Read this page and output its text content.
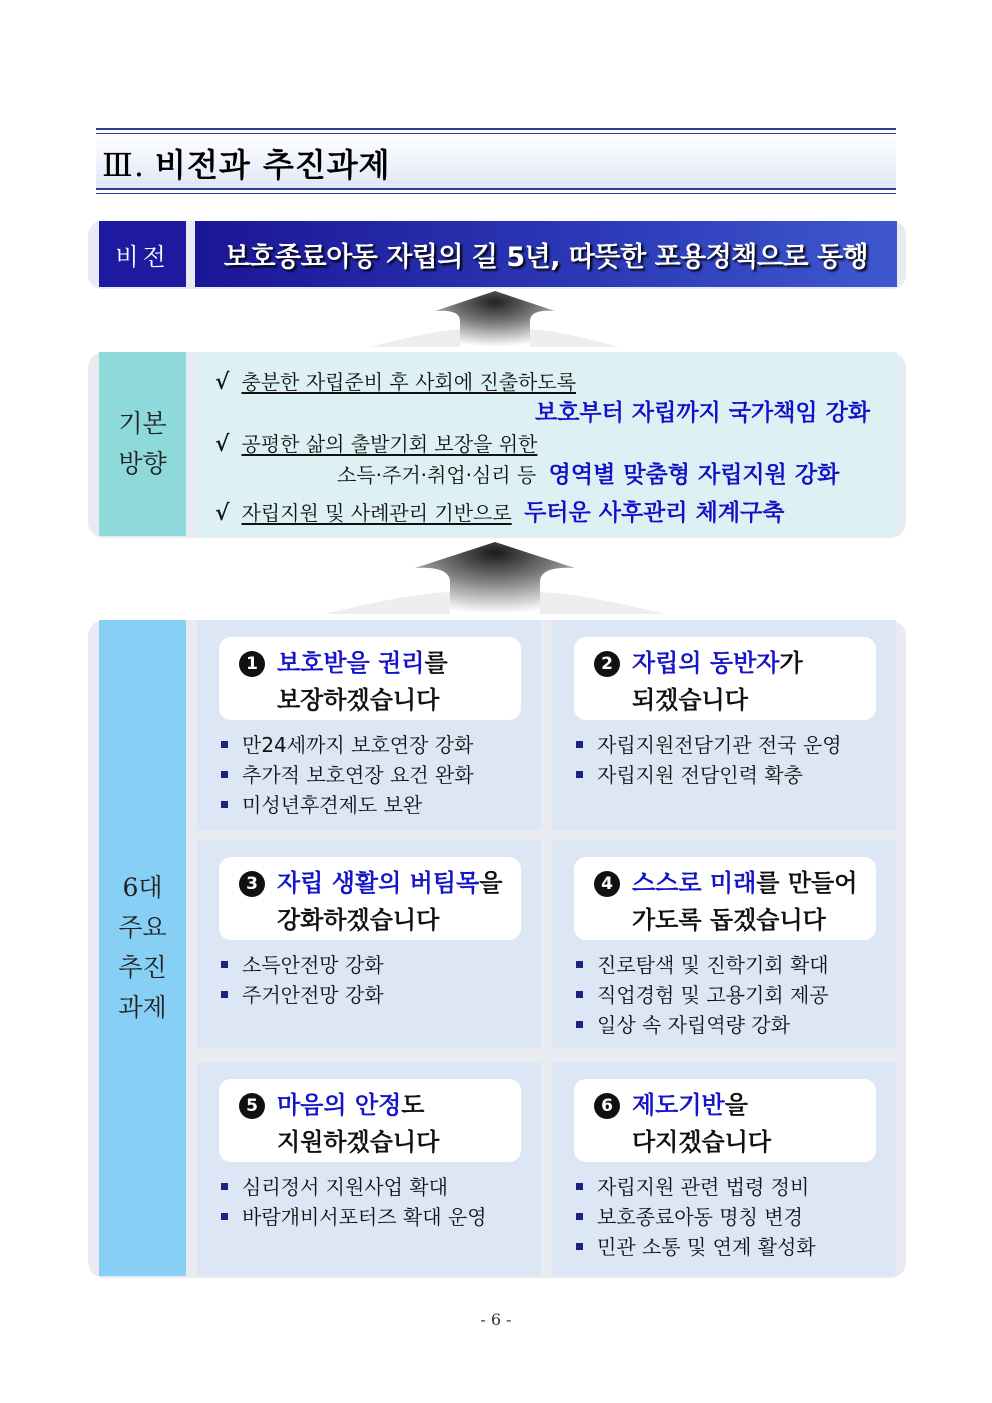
Ⅲ. 비전과 추진과제
비전	보호종료아동 자립의 길 5년, 따뜻한 포용정책으로 동행
기본
방향
√ 충분한 자립준비 후 사회에 진출하도록
보호부터 자립까지 국가책임 강화
√ 공평한 삶의 출발기회 보장을 위한
소득·주거·취업·심리 등 영역별 맞춤형 자립지원 강화
√ 자립지원 및 사례관리 기반으로 두터운 사후관리 체계구축
6대
주요
추진
과제
1 보호받을 권리를
보장하겠습니다
만24세까지 보호연장 강화
추가적 보호연장 요건 완화
미성년후견제도 보완
2 자립의 동반자가
되겠습니다
자립지원전담기관 전국 운영
자립지원 전담인력 확충
3 자립 생활의 버팀목을
강화하겠습니다
소득안전망 강화
주거안전망 강화
4 스스로 미래를 만들어
가도록 돕겠습니다
진로탐색 및 진학기회 확대
직업경험 및 고용기회 제공
일상 속 자립역량 강화
5 마음의 안정도
지원하겠습니다
심리정서 지원사업 확대
바람개비서포터즈 확대 운영
6 제도기반을
다지겠습니다
자립지원 관련 법령 정비
보호종료아동 명칭 변경
민관 소통 및 연계 활성화
- 6 -
